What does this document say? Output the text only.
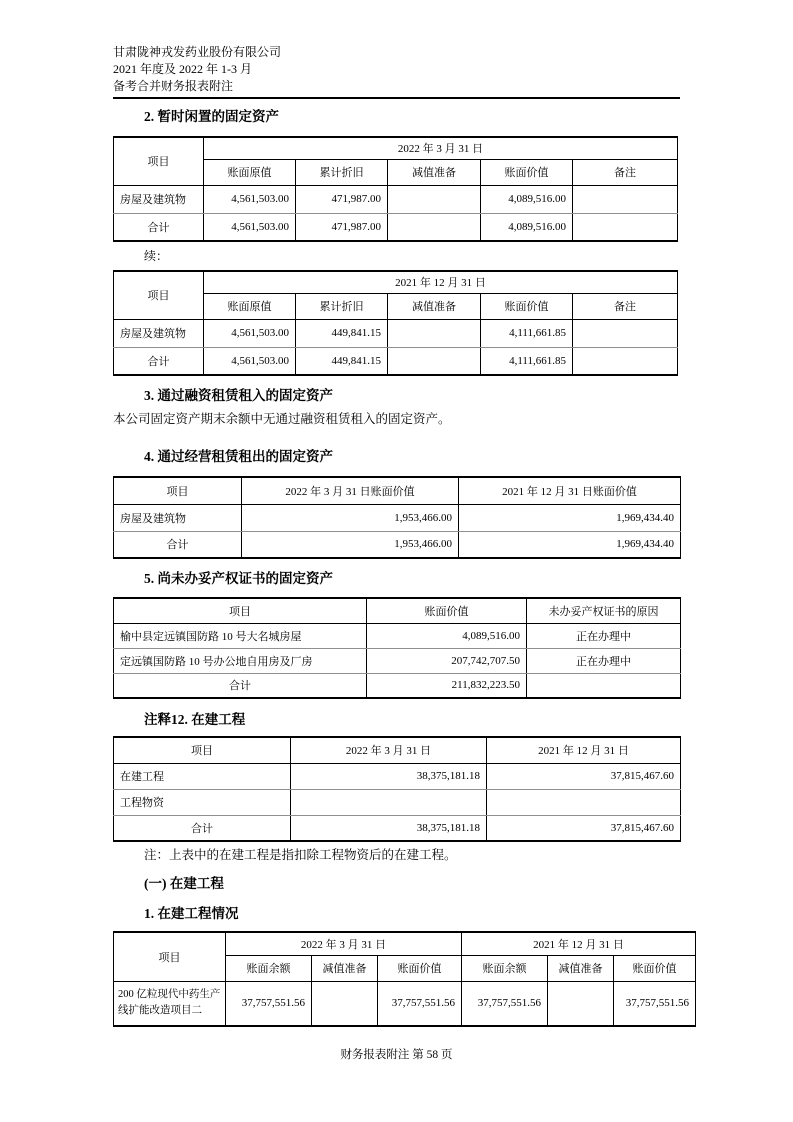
甘肃陇神戎发药业股份有限公司
2021 年度及 2022 年 1-3 月
备考合并财务报表附注
2. 暂时闲置的固定资产
项目	2022 年 3 月 31 日				
	账面原值	累计折旧	减值准备	账面价值	备注
房屋及建筑物	4,561,503.00	471,987.00		4,089,516.00	
合计	4,561,503.00	471,987.00		4,089,516.00	
续：
项目	2021 年 12 月 31 日				
	账面原值	累计折旧	减值准备	账面价值	备注
房屋及建筑物	4,561,503.00	449,841.15		4,111,661.85	
合计	4,561,503.00	449,841.15		4,111,661.85	
3. 通过融资租赁租入的固定资产

本公司固定资产期末余额中无通过融资租赁租入的固定资产。

4. 通过经营租赁租出的固定资产
项目	2022 年 3 月 31 日账面价值	2021 年 12 月 31 日账面价值
房屋及建筑物	1,953,466.00	1,969,434.40
合计	1,953,466.00	1,969,434.40
5. 尚未办妥产权证书的固定资产
项目	账面价值	未办妥产权证书的原因
榆中县定远镇国防路 10 号大名城房屋	4,089,516.00	正在办理中
定远镇国防路 10 号办公地自用房及厂房	207,742,707.50	正在办理中
合计	211,832,223.50	
注释12. 在建工程
项目	2022 年 3 月 31 日	2021 年 12 月 31 日
在建工程	38,375,181.18	37,815,467.60
工程物资		
合计	38,375,181.18	37,815,467.60

注：上表中的在建工程是指扣除工程物资后的在建工程。

(一) 在建工程
1. 在建工程情况
项目	2022 年 3 月 31 日			2021 年 12 月 31 日		
	账面余额	减值准备	账面价值	账面余额	减值准备	账面价值
200 亿粒现代中药生产线扩能改造项目二	37,757,551.56		37,757,551.56	37,757,551.56		37,757,551.56
财务报表附注 第 58 页
